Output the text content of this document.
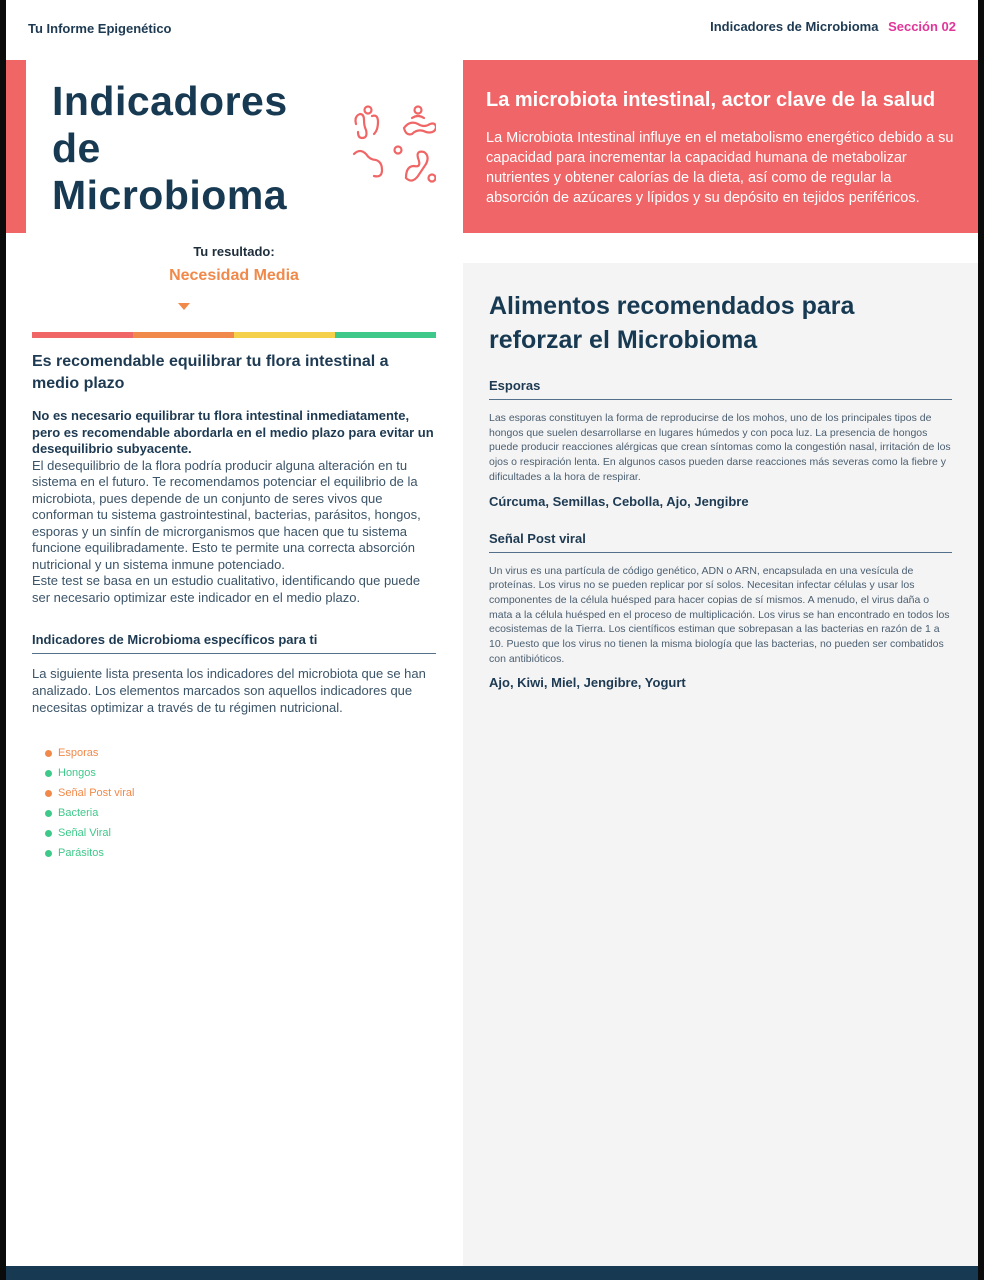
Tu Informe Epigenético	Indicadores de Microbioma Sección 02
Indicadores
de
Microbioma
La microbiota intestinal, actor clave de la salud

La Microbiota Intestinal influye en el metabolismo energético debido a su capacidad para incrementar la capacidad humana de metabolizar nutrientes y obtener calorías de la dieta, así como de regular la absorción de azúcares y lípidos y su depósito en tejidos periféricos.

Tu resultado:
Necesidad Media
Es recomendable equilibrar tu flora intestinal a medio plazo

No es necesario equilibrar tu flora intestinal inmediatamente, pero es recomendable abordarla en el medio plazo para evitar un desequilibrio subyacente.

El desequilibrio de la flora podría producir alguna alteración en tu sistema en el futuro. Te recomendamos potenciar el equilibrio de la microbiota, pues depende de un conjunto de seres vivos que conforman tu sistema gastrointestinal, bacterias, parásitos, hongos, esporas y un sinfín de microrganismos que hacen que tu sistema funcione equilibradamente. Esto te permite una correcta absorción nutricional y un sistema inmune potenciado.

Este test se basa en un estudio cualitativo, identificando que puede ser necesario optimizar este indicador en el medio plazo.

Indicadores de Microbioma específicos para ti

La siguiente lista presenta los indicadores del microbiota que se han analizado. Los elementos marcados son aquellos indicadores que necesitas optimizar a través de tu régimen nutricional.

Esporas
Hongos
Señal Post viral
Bacteria
Señal Viral
Parásitos
Alimentos recomendados para reforzar el Microbioma
Esporas

Las esporas constituyen la forma de reproducirse de los mohos, uno de los principales tipos de hongos que suelen desarrollarse en lugares húmedos y con poca luz. La presencia de hongos puede producir reacciones alérgicas que crean síntomas como la congestión nasal, irritación de los ojos o respiración lenta. En algunos casos pueden darse reacciones más severas como la fiebre y dificultades a la hora de respirar.

Cúrcuma, Semillas, Cebolla, Ajo, Jengibre

Señal Post viral

Un virus es una partícula de código genético, ADN o ARN, encapsulada en una vesícula de proteínas. Los virus no se pueden replicar por sí solos. Necesitan infectar células y usar los componentes de la célula huésped para hacer copias de sí mismos. A menudo, el virus daña o mata a la célula huésped en el proceso de multiplicación. Los virus se han encontrado en todos los ecosistemas de la Tierra. Los científicos estiman que sobrepasan a las bacterias en razón de 1 a 10. Puesto que los virus no tienen la misma biología que las bacterias, no pueden ser combatidos con antibióticos.

Ajo, Kiwi, Miel, Jengibre, Yogurt
